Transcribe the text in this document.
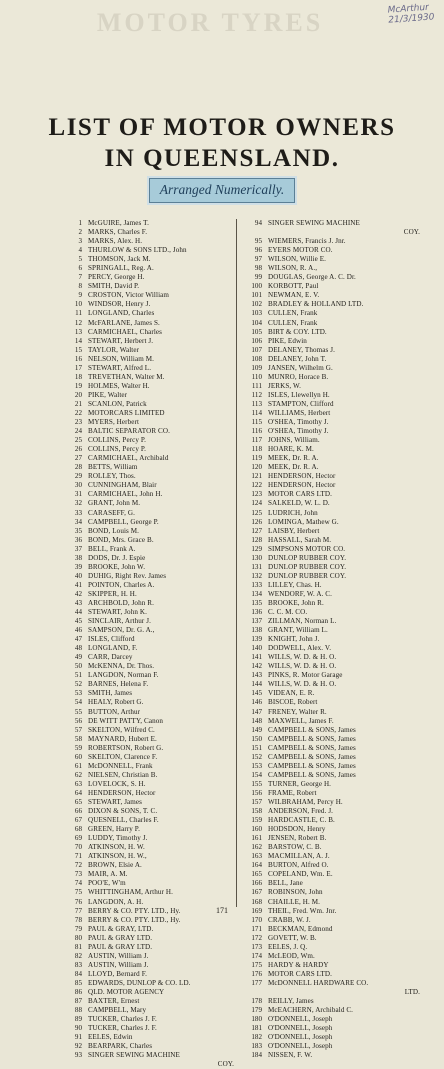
MOTOR TYRES	McArthur
21/3/1930
LIST OF MOTOR OWNERS
IN QUEENSLAND.
Arranged Numerically.
1 McGUIRE, James T.
2 MARKS, Charles F.
3 MARKS, Alex. H.
4 THURLOW & SONS LTD., John
5 THOMSON, Jack M.
6 SPRINGALL, Reg. A.
7 PERCY, George H.
8 SMITH, David P.
9 CROSTON, Victor William
10 WINDSOR, Henry J.
11 LONGLAND, Charles
12 McFARLANE, James S.
13 CARMICHAEL, Charles
14 STEWART, Herbert J.
15 TAYLOR, Walter
16 NELSON, William M.
17 STEWART, Alfred L.
18 TREVETHAN, Walter M.
19 HOLMES, Walter H.
20 PIKE, Walter
21 SCANLON, Patrick
22 MOTORCARS LIMITED
23 MYERS, Herbert
24 BALTIC SEPARATOR CO.
25 COLLINS, Percy P.
26 COLLINS, Percy P.
27 CARMICHAEL, Archibald
28 BETTS, William
29 ROLLEY, Thos.
30 CUNNINGHAM, Blair
31 CARMICHAEL, John H.
32 GRANT, John M.
33 CARASEFF, G.
34 CAMPBELL, George P.
35 BOND, Louis M.
36 BOND, Mrs. Grace B.
37 BELL, Frank A.
38 DODS, Dr. J. Espie
39 BROOKE, John W.
40 DUHIG, Right Rev. James
41 POINTON, Charles A.
42 SKIPPER, H. H.
43 ARCHBOLD, John R.
44 STEWART, John K.
45 SINCLAIR, Arthur J.
46 SAMPSON, Dr. G. A.,
47 ISLES, Clifford
48 LONGLAND, F.
49 CARR, Darcey
50 McKENNA, Dr. Thos.
51 LANGDON, Norman F.
52 BARNES, Helena F.
53 SMITH, James
54 HEALY, Robert G.
55 BUTTON, Arthur
56 DE WITT PATTY, Canon
57 SKELTON, Wilfred C.
58 MAYNARD, Hubert E.
59 ROBERTSON, Robert G.
60 SKELTON, Clarence F.
61 McDONNELL, Frank
62 NIELSEN, Christian B.
63 LOVELOCK, S. H.
64 HENDERSON, Hector
65 STEWART, James
66 DIXON & SONS, T. C.
67 QUESNELL, Charles F.
68 GREEN, Harry P.
69 LUDDY, Timothy J.
70 ATKINSON, H. W.
71 ATKINSON, H. W.,
72 BROWN, Elsie A.
73 MAIR, A. M.
74 POO'E, W'm
75 WHITTINGHAM, Arthur H.
76 LANGDON, A. H.
77 BERRY & CO. PTY. LTD., Hy.
78 BERRY & CO. PTY. LTD., Hy.
79 PAUL & GRAY, LTD.
80 PAUL & GRAY LTD.
81 PAUL & GRAY LTD.
82 AUSTIN, William J.
83 AUSTIN, William J.
84 LLOYD, Bernard F.
85 EDWARDS, DUNLOP & CO. LD.
86 QLD. MOTOR AGENCY
87 BAXTER, Ernest
88 CAMPBELL, Mary
89 TUCKER, Charles J. F.
90 TUCKER, Charles J. F.
91 EELES, Edwin
92 BEARPARK, Charles
93 SINGER SEWING MACHINE
COY.
94 SINGER SEWING MACHINE
COY.
95 WIEMERS, Francis J. Jnr.
96 EYERS MOTOR CO.
97 WILSON, Willie E.
98 WILSON, R. A.,
99 DOUGLAS, George A. C. Dr.
100 KORBOTT, Paul
101 NEWMAN, E. V.
102 BRADLEY & HOLLAND LTD.
103 CULLEN, Frank
104 CULLEN, Frank
105 BIRT & COY. LTD.
106 PIKE, Edwin
107 DELANEY, Thomas J.
108 DELANEY, John T.
109 JANSEN, Wilhelm G.
110 MUNRO, Horace B.
111 JERKS, W.
112 ISLES, Llewellyn H.
113 STAMPTON, Clifford
114 WILLIAMS, Herbert
115 O'SHEA, Timothy J.
116 O'SHEA, Timothy J.
117 JOHNS, William.
118 HOARE, K. M.
119 MEEK, Dr. R. A.
120 MEEK, Dr. R. A.
121 HENDERSON, Hector
122 HENDERSON, Hector
123 MOTOR CARS LTD.
124 SALKELD, W. L. D.
125 LUDRICH, John
126 LOMINGA, Mathew G.
127 LAISBY, Herbert
128 HASSALL, Sarah M.
129 SIMPSONS MOTOR CO.
130 DUNLOP RUBBER COY.
131 DUNLOP RUBBER COY.
132 DUNLOP RUBBER COY.
133 LILLEY, Chas. H.
134 WENDORF, W. A. C.
135 BROOKE, John R.
136 C. C. M. CO.
137 ZILLMAN, Norman L.
138 GRANT, William L.
139 KNIGHT, John J.
140 DODWELL, Alex. V.
141 WILLS, W. D. & H. O.
142 WILLS, W. D. & H. O.
143 PINKS, R. Motor Garage
144 WILLS, W. D. & H. O.
145 VIDEAN, E. R.
146 BISCOE, Robert
147 FRENEY, Walter R.
148 MAXWELL, James F.
149 CAMPBELL & SONS, James
150 CAMPBELL & SONS, James
151 CAMPBELL & SONS, James
152 CAMPBELL & SONS, James
153 CAMPBELL & SONS, James
154 CAMPBELL & SONS, James
155 TURNER, George H.
156 FRAME, Robert
157 WILBRAHAM, Percy H.
158 ANDERSON, Fred. J.
159 HARDCASTLE, C. B.
160 HODSDON, Henry
161 JENSEN, Robert B.
162 BARSTOW, C. B.
163 MACMILLAN, A. J.
164 BURTON, Alfred O.
165 COPELAND, Wm. E.
166 BELL, Jane
167 ROBINSON, John
168 CHAILLE, H. M.
169 THEIL, Fred. Wm. Jnr.
170 CRABB, W. J.
171 BECKMAN, Edmond
172 GOVETT, W. B.
173 EELES, J. Q.
174 McLEOD, Wm.
175 HARDY & HARDY
176 MOTOR CARS LTD.
177 McDONNELL HARDWARE CO.
LTD.
178 REILLY, James
179 McEACHERN, Archibald C.
180 O'DONNELL, Joseph
181 O'DONNELL, Joseph
182 O'DONNELL, Joseph
183 O'DONNELL, Joseph
184 NISSEN, F. W.
171
